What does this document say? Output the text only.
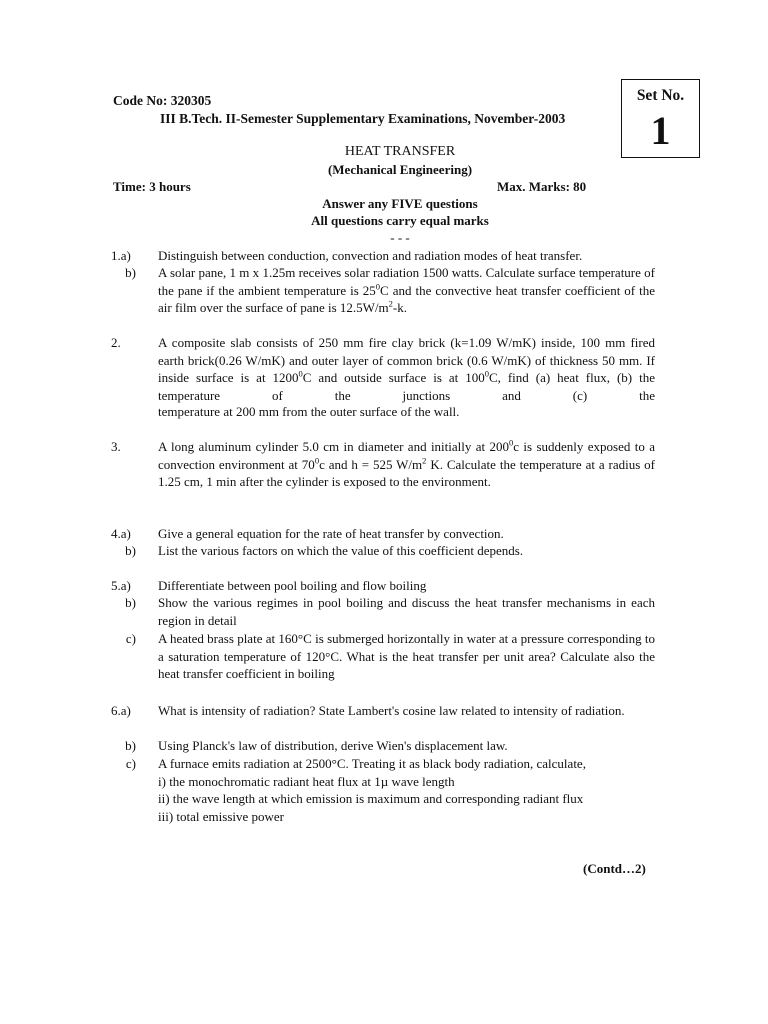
Code No: 320305
III B.Tech. II-Semester Supplementary Examinations, November-2003
Set No.
1
HEAT TRANSFER
(Mechanical Engineering)
Time: 3 hours	Max. Marks: 80
Answer any FIVE questions
All questions carry equal marks
- - -
1.a)	Distinguish between conduction, convection and radiation modes of heat transfer.
b) A solar pane, 1 m x 1.25m receives solar radiation 1500 watts. Calculate surface temperature of the pane if the ambient temperature is $25^0C$ and the convective heat transfer coefficient of the air film over the surface of pane is $12.5W/m^2-k$.
2.	A composite slab consists of 250 mm fire clay brick (k=1.09 W/mK) inside, 100 mm fired earth brick(0.26 W/mK) and outer layer of common brick (0.6 W/mK) of thickness 50 mm. If inside surface is at 1200$^0$C and outside surface is at $100^0C$, find (a) heat flux, (b) the temperature of the junctions and (c) the
temperature at 200 mm from the outer surface of the wall.
3.	A long aluminum cylinder 5.0 cm in diameter and initially at $200^0c$ is suddenly exposed to a convection environment at $70^0c$ and h = 525 $W/m^2$ K. Calculate the temperature at a radius of 1.25 cm, 1 min after the cylinder is exposed to the environment.
4.a)	Give a general equation for the rate of heat transfer by convection.
b) List the various factors on which the value of this coefficient depends.
5.a)	Differentiate between pool boiling and flow boiling
b) Show the various regimes in pool boiling and discuss the heat transfer mechanisms in each region in detail
c) A heated brass plate at 160°C is submerged horizontally in water at a pressure corresponding to a saturation temperature of 120°C. What is the heat transfer per unit area? Calculate also the heat transfer coefficient in boiling
6.a)	What is intensity of radiation? State Lambert's cosine law related to intensity of radiation.
b) Using Planck's law of distribution, derive Wien's displacement law.
c) A furnace emits radiation at 2500°C. Treating it as black body radiation, calculate,
i) the monochromatic radiant heat flux at 1µ wave length
ii) the wave length at which emission is maximum and corresponding radiant flux
iii) total emissive power
(Contd…2)
